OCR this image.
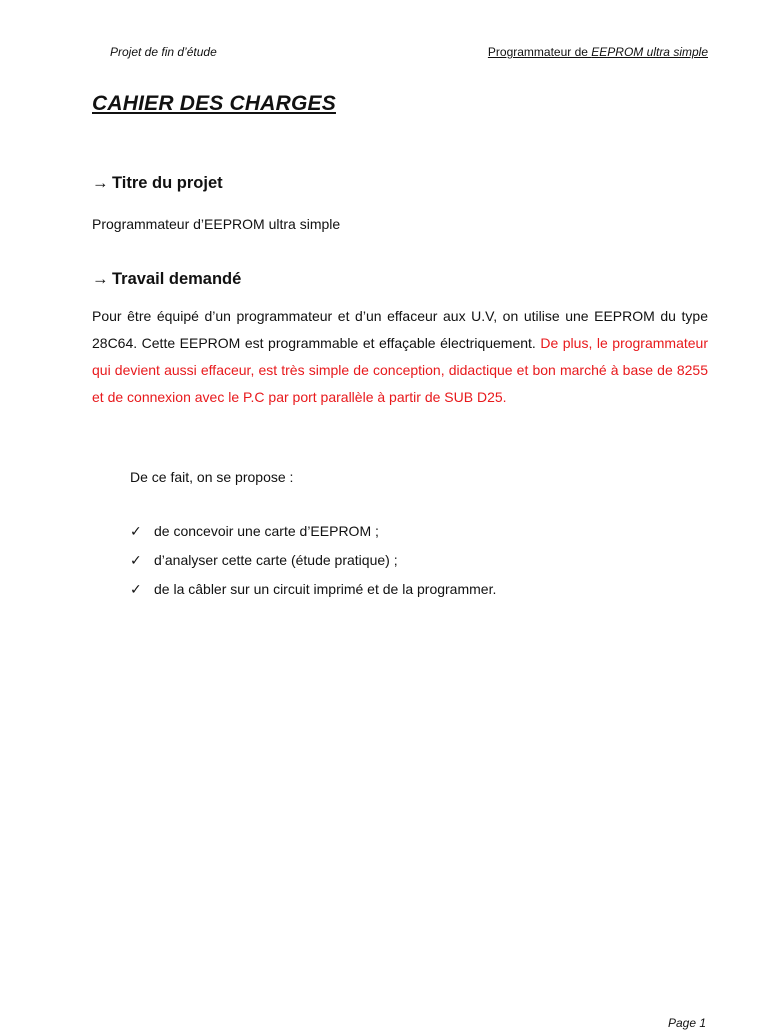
Projet de fin d’étude	Programmateur de EEPROM ultra simple
CAHIER DES CHARGES
→ Titre du projet

Programmateur d’EEPROM ultra simple

→ Travail demandé

Pour être équipé d’un programmateur et d’un effaceur aux U.V, on utilise une EEPROM du type 28C64. Cette EEPROM est programmable et effaçable électriquement. De plus, le programmateur qui devient aussi effaceur, est très simple de conception, didactique et bon marché à base de 8255 et de connexion avec le P.C par port parallèle à partir de SUB D25.

De ce fait, on se propose :

✓ de concevoir une carte d’EEPROM ;
✓ d’analyser cette carte (étude pratique) ;
✓ de la câbler sur un circuit imprimé et de la programmer.
Page 1
